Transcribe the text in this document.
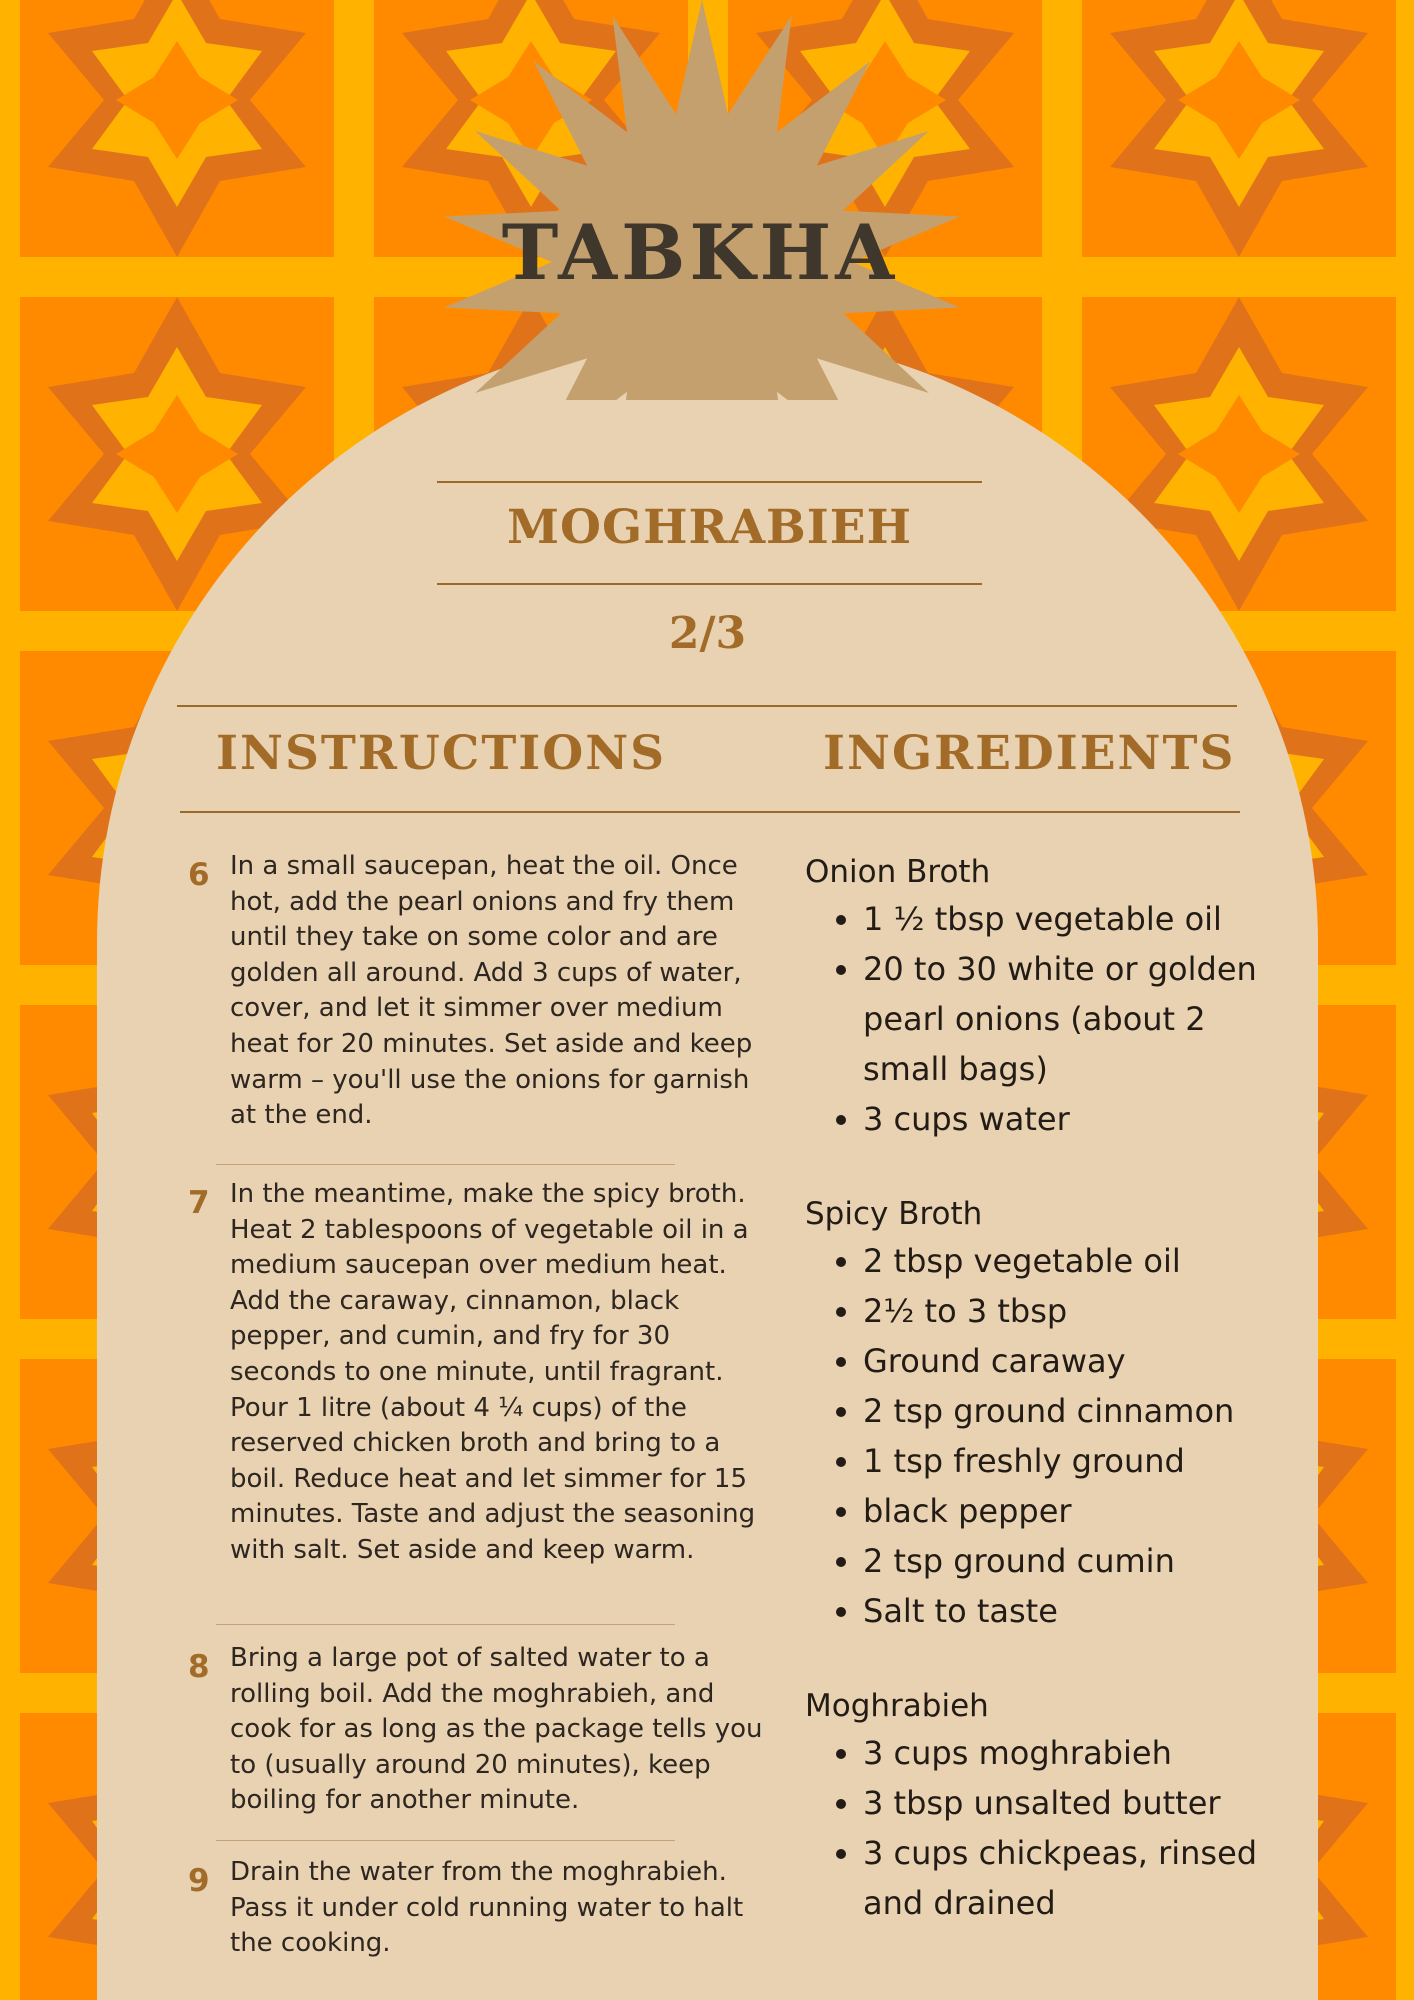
TABKHA
MOGHRABIEH
2/3
INSTRUCTIONS	INGREDIENTS
6 In a small saucepan, heat the oil. Once hot, add the pearl onions and fry them until they take on some color and are golden all around. Add 3 cups of water, cover, and let it simmer over medium heat for 20 minutes. Set aside and keep warm – you'll use the onions for garnish at the end.

7 In the meantime, make the spicy broth. Heat 2 tablespoons of vegetable oil in a medium saucepan over medium heat. Add the caraway, cinnamon, black pepper, and cumin, and fry for 30 seconds to one minute, until fragrant. Pour 1 litre (about 4 ¼ cups) of the reserved chicken broth and bring to a boil. Reduce heat and let simmer for 15 minutes. Taste and adjust the seasoning with salt. Set aside and keep warm.

8 Bring a large pot of salted water to a rolling boil. Add the moghrabieh, and cook for as long as the package tells you to (usually around 20 minutes), keep boiling for another minute.

9 Drain the water from the moghrabieh. Pass it under cold running water to halt the cooking.

Onion Broth
• 1 ½ tbsp vegetable oil
• 20 to 30 white or golden pearl onions (about 2 small bags)
• 3 cups water
Spicy Broth
• 2 tbsp vegetable oil
• 2½ to 3 tbsp
• Ground caraway
• 2 tsp ground cinnamon
• 1 tsp freshly ground
• black pepper
• 2 tsp ground cumin
• Salt to taste
Moghrabieh
• 3 cups moghrabieh
• 3 tbsp unsalted butter
• 3 cups chickpeas, rinsed and drained
